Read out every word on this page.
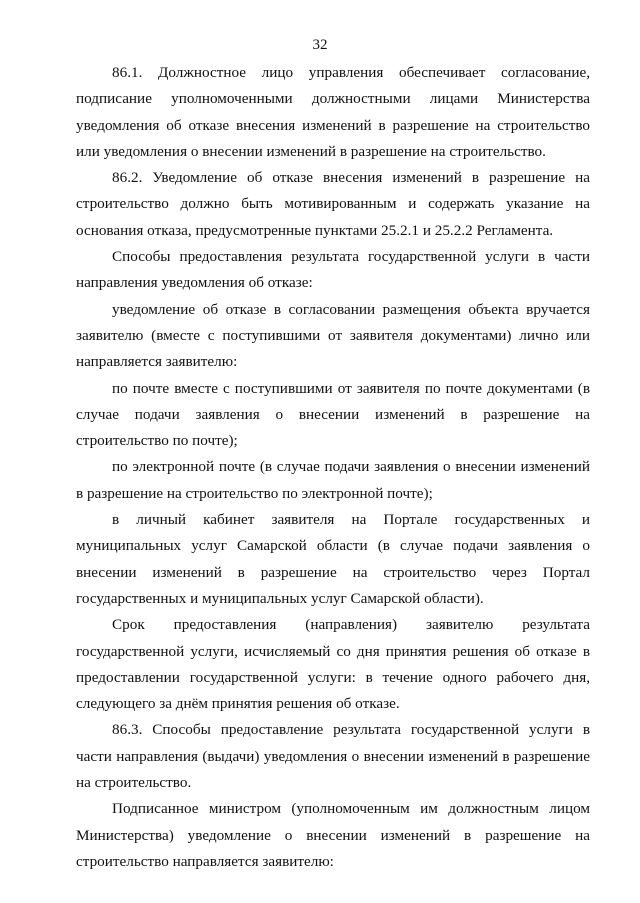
32

86.1. Должностное лицо управления обеспечивает согласование, подписание уполномоченными должностными лицами Министерства уведомления об отказе внесения изменений в разрешение на строительство или уведомления о внесении изменений в разрешение на строительство.

86.2. Уведомление об отказе внесения изменений в разрешение на строительство должно быть мотивированным и содержать указание на основания отказа, предусмотренные пунктами 25.2.1 и 25.2.2 Регламента.

Способы предоставления результата государственной услуги в части направления уведомления об отказе:

уведомление об отказе в согласовании размещения объекта вручается заявителю (вместе с поступившими от заявителя документами) лично или направляется заявителю:

по почте вместе с поступившими от заявителя по почте документами (в случае подачи заявления о внесении изменений в разрешение на строительство по почте);

по электронной почте (в случае подачи заявления о внесении изменений в разрешение на строительство по электронной почте);

в личный кабинет заявителя на Портале государственных и муниципальных услуг Самарской области (в случае подачи заявления о внесении изменений в разрешение на строительство через Портал государственных и муниципальных услуг Самарской области).

Срок предоставления (направления) заявителю результата государственной услуги, исчисляемый со дня принятия решения об отказе в предоставлении государственной услуги: в течение одного рабочего дня, следующего за днём принятия решения об отказе.

86.3. Способы предоставление результата государственной услуги в части направления (выдачи) уведомления о внесении изменений в разрешение на строительство.

Подписанное министром (уполномоченным им должностным лицом Министерства) уведомление о внесении изменений в разрешение на строительство направляется заявителю:
